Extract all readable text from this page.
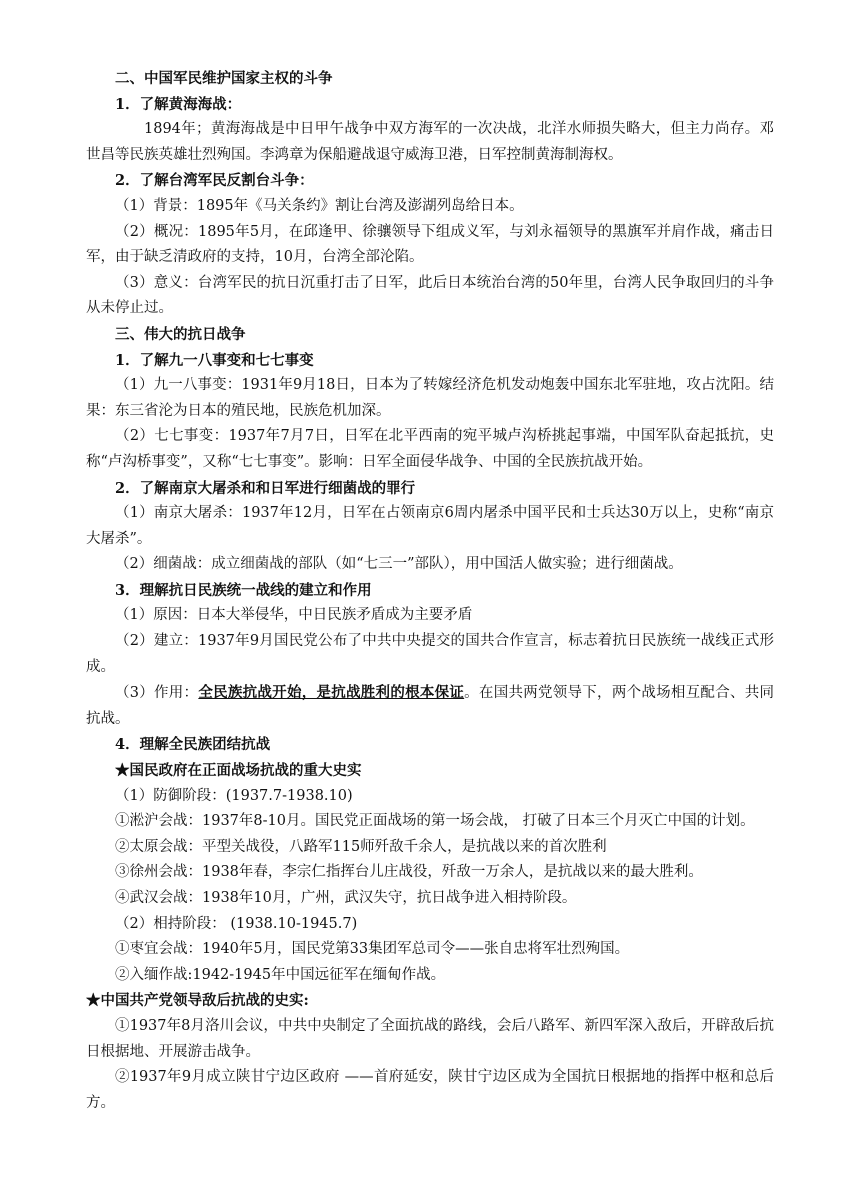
二、中国军民维护国家主权的斗争

1．了解黄海海战：

1894年；黄海海战是中日甲午战争中双方海军的一次决战，北洋水师损失略大，但主力尚存。邓世昌等民族英雄壮烈殉国。李鸿章为保船避战退守威海卫港，日军控制黄海制海权。

2．了解台湾军民反割台斗争：

（1）背景：1895年《马关条约》割让台湾及澎湖列岛给日本。

（2）概况：1895年5月，在邱逢甲、徐骧领导下组成义军，与刘永福领导的黑旗军并肩作战，痛击日军，由于缺乏清政府的支持，10月，台湾全部沦陷。

（3）意义：台湾军民的抗日沉重打击了日军，此后日本统治台湾的50年里，台湾人民争取回归的斗争从未停止过。

三、伟大的抗日战争

1．了解九一八事变和七七事变

（1）九一八事变：1931年9月18日，日本为了转嫁经济危机发动炮轰中国东北军驻地，攻占沈阳。结果：东三省沦为日本的殖民地，民族危机加深。

（2）七七事变：1937年7月7日，日军在北平西南的宛平城卢沟桥挑起事端，中国军队奋起抵抗，史称“卢沟桥事变”，又称“七七事变”。影响：日军全面侵华战争、中国的全民族抗战开始。

2．了解南京大屠杀和和日军进行细菌战的罪行

（1）南京大屠杀：1937年12月，日军在占领南京6周内屠杀中国平民和士兵达30万以上，史称“南京大屠杀”。

（2）细菌战：成立细菌战的部队（如“七三一”部队），用中国活人做实验；进行细菌战。

3．理解抗日民族统一战线的建立和作用

（1）原因：日本大举侵华，中日民族矛盾成为主要矛盾

（2）建立：1937年9月国民党公布了中共中央提交的国共合作宣言，标志着抗日民族统一战线正式形成。

（3）作用：全民族抗战开始，是抗战胜利的根本保证。在国共两党领导下，两个战场相互配合、共同抗战。

4．理解全民族团结抗战

★国民政府在正面战场抗战的重大史实

（1）防御阶段：(1937.7-1938.10)

①淞沪会战：1937年8-10月。国民党正面战场的第一场会战， 打破了日本三个月灭亡中国的计划。

②太原会战：平型关战役，八路军115师歼敌千余人，是抗战以来的首次胜利

③徐州会战：1938年春，李宗仁指挥台儿庄战役，歼敌一万余人，是抗战以来的最大胜利。

④武汉会战：1938年10月，广州，武汉失守，抗日战争进入相持阶段。

（2）相持阶段： (1938.10-1945.7)

①枣宜会战：1940年5月，国民党第33集团军总司令——张自忠将军壮烈殉国。

②入缅作战:1942-1945年中国远征军在缅甸作战。

★中国共产党领导敌后抗战的史实:

①1937年8月洛川会议，中共中央制定了全面抗战的路线，会后八路军、新四军深入敌后，开辟敌后抗日根据地、开展游击战争。

②1937年9月成立陕甘宁边区政府 ——首府延安，陕甘宁边区成为全国抗日根据地的指挥中枢和总后方。
